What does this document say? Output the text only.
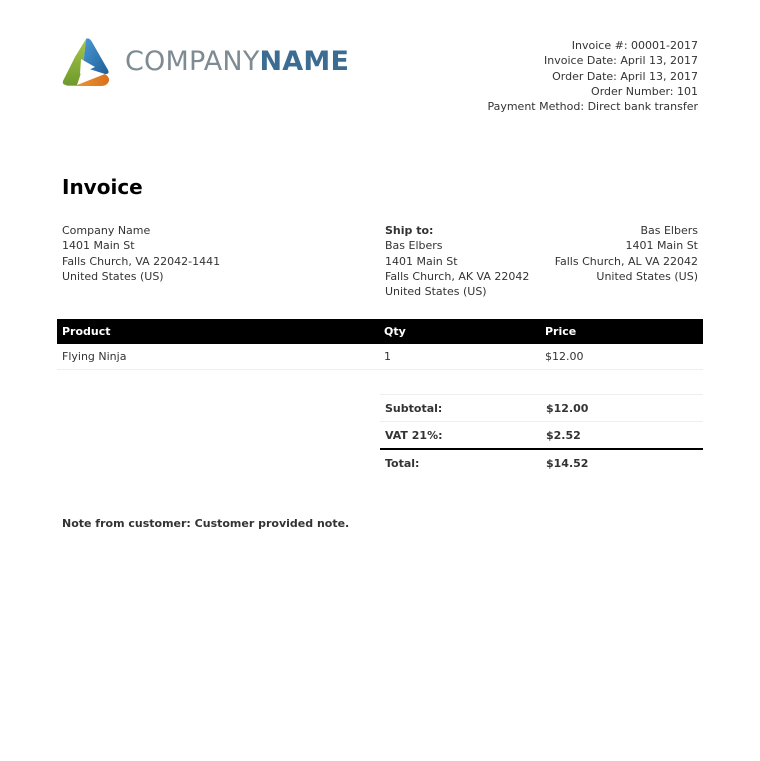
COMPANYNAME
Invoice #: 00001-2017
Invoice Date: April 13, 2017
Order Date: April 13, 2017
Order Number: 101
Payment Method: Direct bank transfer
Invoice
Company Name
1401 Main St
Falls Church, VA 22042-1441
United States (US)
Ship to:
Bas Elbers
1401 Main St
Falls Church, AK VA 22042
United States (US)
Bas Elbers
1401 Main St
Falls Church, AL VA 22042
United States (US)
Product	Qty	Price
Flying Ninja	1	$12.00
Subtotal:	$12.00
VAT 21%:	$2.52
Total:	$14.52
Note from customer: Customer provided note.
